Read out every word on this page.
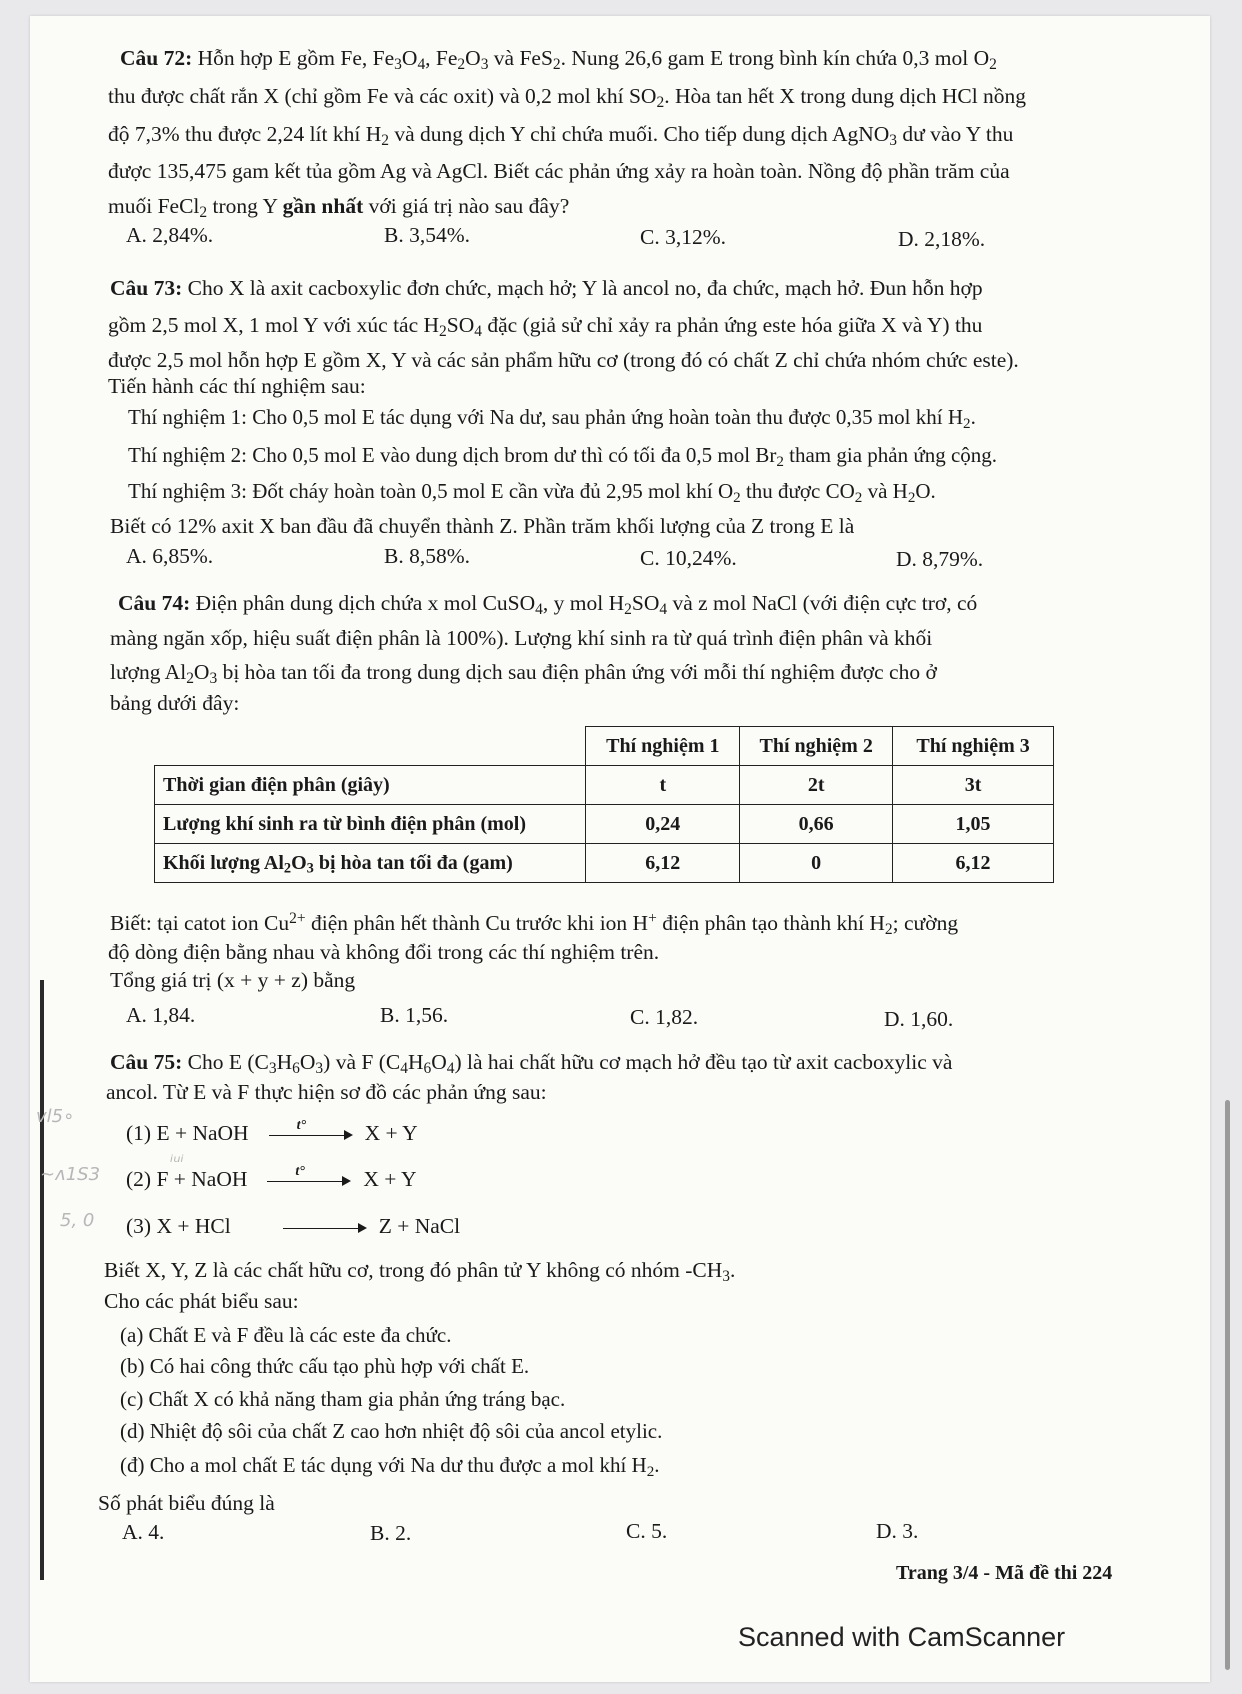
Câu 72: Hỗn hợp E gồm Fe, $Fe_3O_4$, $Fe_2O_3$ và FeS$_2$. Nung 26,6 gam E trong bình kín chứa 0,3 mol $O_2$
thu được chất rắn X (chỉ gồm Fe và các oxit) và 0,2 mol khí $SO_2$. Hòa tan hết X trong dung dịch HCl nồng
độ 7,3% thu được 2,24 lít khí $H_2$ và dung dịch Y chỉ chứa muối. Cho tiếp dung dịch AgNO$_3$ dư vào Y thu
được 135,475 gam kết tủa gồm Ag và AgCl. Biết các phản ứng xảy ra hoàn toàn. Nồng độ phần trăm của
muối FeCl$_2$ trong Y gần nhất với giá trị nào sau đây?
A. 2,84%.	B. 3,54%.	C. 3,12%.	D. 2,18%.
Câu 73: Cho X là axit cacboxylic đơn chức, mạch hở; Y là ancol no, đa chức, mạch hở. Đun hỗn hợp
gồm 2,5 mol X, 1 mol Y với xúc tác $H_2SO_4$ đặc (giả sử chỉ xảy ra phản ứng este hóa giữa X và Y) thu
được 2,5 mol hỗn hợp E gồm X, Y và các sản phẩm hữu cơ (trong đó có chất Z chỉ chứa nhóm chức este).
Tiến hành các thí nghiệm sau:
Thí nghiệm 1: Cho 0,5 mol E tác dụng với Na dư, sau phản ứng hoàn toàn thu được 0,35 mol khí $H_2$.
Thí nghiệm 2: Cho 0,5 mol E vào dung dịch brom dư thì có tối đa 0,5 mol $Br_2$ tham gia phản ứng cộng.
Thí nghiệm 3: Đốt cháy hoàn toàn 0,5 mol E cần vừa đủ 2,95 mol khí $O_2$ thu được $CO_2$ và $H_2O$.
Biết có 12% axit X ban đầu đã chuyển thành Z. Phần trăm khối lượng của Z trong E là
A. 6,85%.	B. 8,58%.	C. 10,24%.	D. 8,79%.
Câu 74: Điện phân dung dịch chứa x mol CuSO$_4$, y mol $H_2SO_4$ và z mol NaCl (với điện cực trơ, có
màng ngăn xốp, hiệu suất điện phân là 100%). Lượng khí sinh ra từ quá trình điện phân và khối
lượng $Al_2O_3$ bị hòa tan tối đa trong dung dịch sau điện phân ứng với mỗi thí nghiệm được cho ở
bảng dưới đây:
	Thí nghiệm 1	Thí nghiệm 2	Thí nghiệm 3
Thời gian điện phân (giây)	t	2t	3t
Lượng khí sinh ra từ bình điện phân (mol)	0,24	0,66	1,05
Khối lượng $Al_2O_3$ bị hòa tan tối đa (gam)	6,12	0	6,12
Biết: tại catot ion $Cu^{2+}$ điện phân hết thành Cu trước khi ion H+ điện phân tạo thành khí $H_2$; cường
độ dòng điện bằng nhau và không đổi trong các thí nghiệm trên.
Tổng giá trị (x + y + z) bằng
A. 1,84.	B. 1,56.	C. 1,82.	D. 1,60.
Câu 75: Cho E $(C_3H_6O_3)$ và F $(C_4H_6O_4)$ là hai chất hữu cơ mạch hở đều tạo từ axit cacboxylic và
ancol. Từ E và F thực hiện sơ đồ các phản ứng sau:
vl5∘
ᵢᵤᵢ
~ʌ1S3
5, 0
(1) E + NaOH	t°	X + Y
(2) F + NaOH	t°	X + Y
(3) X + HCl	Z + NaCl
Biết X, Y, Z là các chất hữu cơ, trong đó phân tử Y không có nhóm $-CH_3$.
Cho các phát biểu sau:
(a) Chất E và F đều là các este đa chức.
(b) Có hai công thức cấu tạo phù hợp với chất E.
(c) Chất X có khả năng tham gia phản ứng tráng bạc.
(d) Nhiệt độ sôi của chất Z cao hơn nhiệt độ sôi của ancol etylic.
(đ) Cho a mol chất E tác dụng với Na dư thu được a mol khí $H_2$.
Số phát biểu đúng là
A. 4.	B. 2.	C. 5.	D. 3.
Trang 3/4 - Mã đề thi 224
Scanned with CamScanner
